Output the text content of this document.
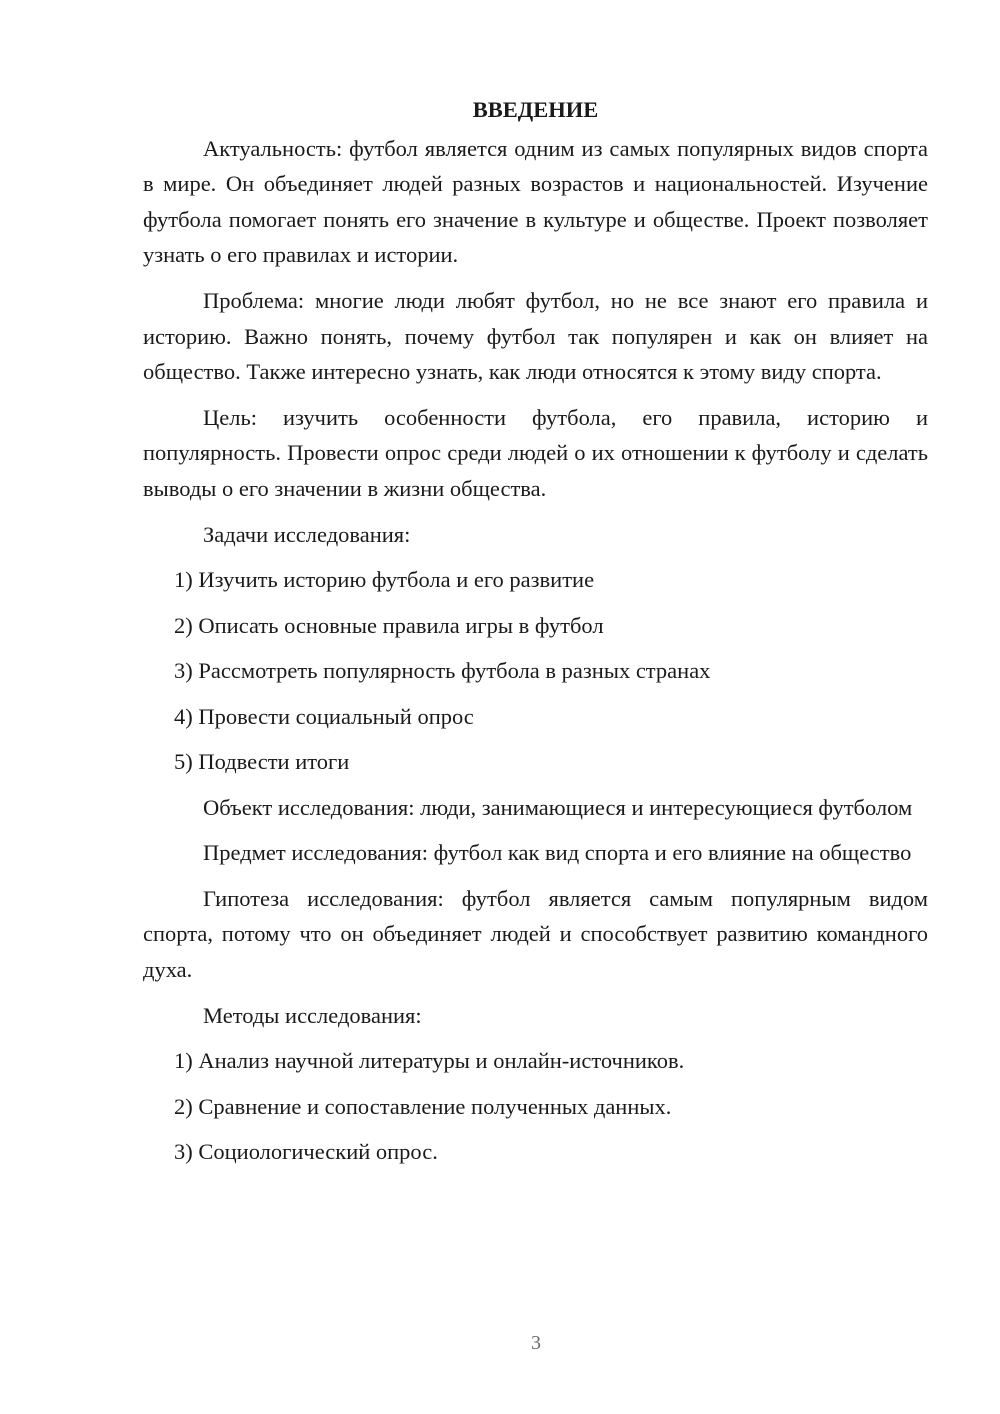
ВВЕДЕНИЕ

Актуальность: футбол является одним из самых популярных видов спорта в мире. Он объединяет людей разных возрастов и национальностей. Изучение футбола помогает понять его значение в культуре и обществе. Проект позволяет узнать о его правилах и истории.

Проблема: многие люди любят футбол, но не все знают его правила и историю. Важно понять, почему футбол так популярен и как он влияет на общество. Также интересно узнать, как люди относятся к этому виду спорта.

Цель: изучить особенности футбола, его правила, историю и популярность. Провести опрос среди людей о их отношении к футболу и сделать выводы о его значении в жизни общества.

Задачи исследования:

1) Изучить историю футбола и его развитие
2) Описать основные правила игры в футбол
3) Рассмотреть популярность футбола в разных странах
4) Провести социальный опрос
5) Подвести итоги

Объект исследования: люди, занимающиеся и интересующиеся футболом

Предмет исследования: футбол как вид спорта и его влияние на общество

Гипотеза исследования: футбол является самым популярным видом спорта, потому что он объединяет людей и способствует развитию командного духа.

Методы исследования:

1) Анализ научной литературы и онлайн-источников.
2) Сравнение и сопоставление полученных данных.
3) Социологический опрос.
3
